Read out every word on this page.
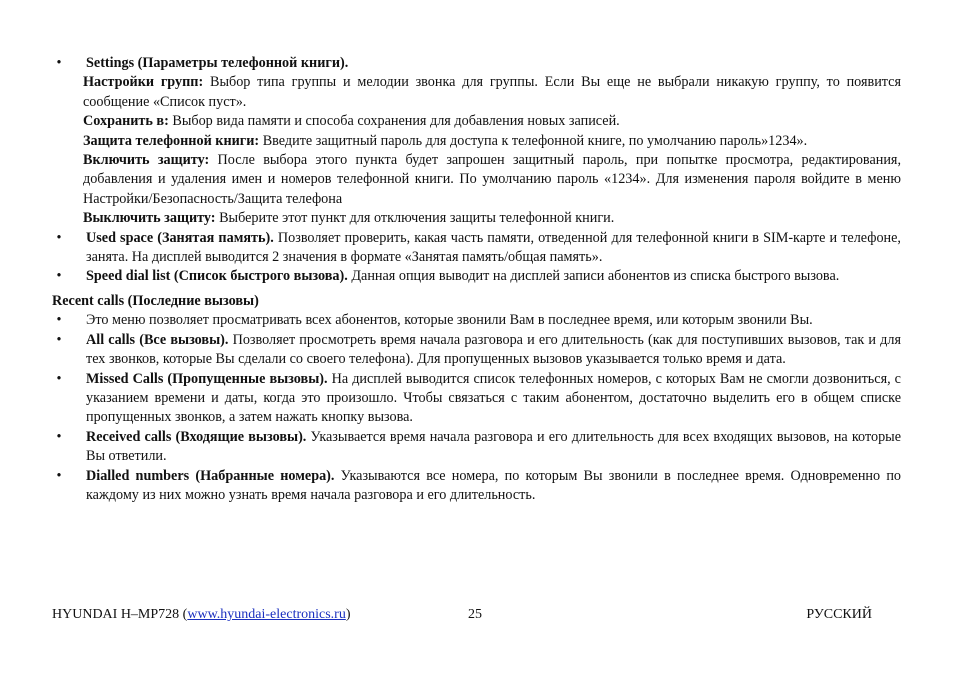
•	Settings (Параметры телефонной книги).
Настройки групп: Выбор типа группы и мелодии звонка для группы. Если Вы еще не выбрали никакую группу, то появится сообщение «Список пуст».
Сохранить в: Выбор вида памяти и способа сохранения для добавления новых записей.
Защита телефонной книги: Введите защитный пароль для доступа к телефонной книге, по умолчанию пароль»1234».
Включить защиту: После выбора этого пункта будет запрошен защитный пароль, при попытке просмотра, редактирования, добавления и удаления имен и номеров телефонной книги. По умолчанию пароль «1234». Для изменения пароля войдите в меню Настройки/Безопасность/Защита телефона
Выключить защиту: Выберите этот пункт для отключения защиты телефонной книги.
•	Used space (Занятая память). Позволяет проверить, какая часть памяти, отведенной для телефонной книги в SIM-карте и телефоне, занята. На дисплей выводится 2 значения в формате «Занятая память/общая память».
•	Speed dial list (Список быстрого вызова). Данная опция выводит на дисплей записи абонентов из списка быстрого вызова.
Recent calls (Последние вызовы)
•	Это меню позволяет просматривать всех абонентов, которые звонили Вам в последнее время, или которым звонили Вы.
•	All calls (Все вызовы). Позволяет просмотреть время начала разговора и его длительность (как для поступивших вызовов, так и для тех звонков, которые Вы сделали со своего телефона). Для пропущенных вызовов указывается только время и дата.
•	Missed Calls (Пропущенные вызовы). На дисплей выводится список телефонных номеров, с которых Вам не смогли дозвониться, с указанием времени и даты, когда это произошло. Чтобы связаться с таким абонентом, достаточно выделить его в общем списке пропущенных звонков, а затем нажать кнопку вызова.
•	Received calls (Входящие вызовы). Указывается время начала разговора и его длительность для всех входящих вызовов, на которые Вы ответили.
•	Dialled numbers (Набранные номера). Указываются все номера, по которым Вы звонили в последнее время. Одновременно по каждому из них можно узнать время начала разговора и его длительность.
HYUNDAI H–MP728 (www.hyundai-electronics.ru)	25	РУССКИЙ
